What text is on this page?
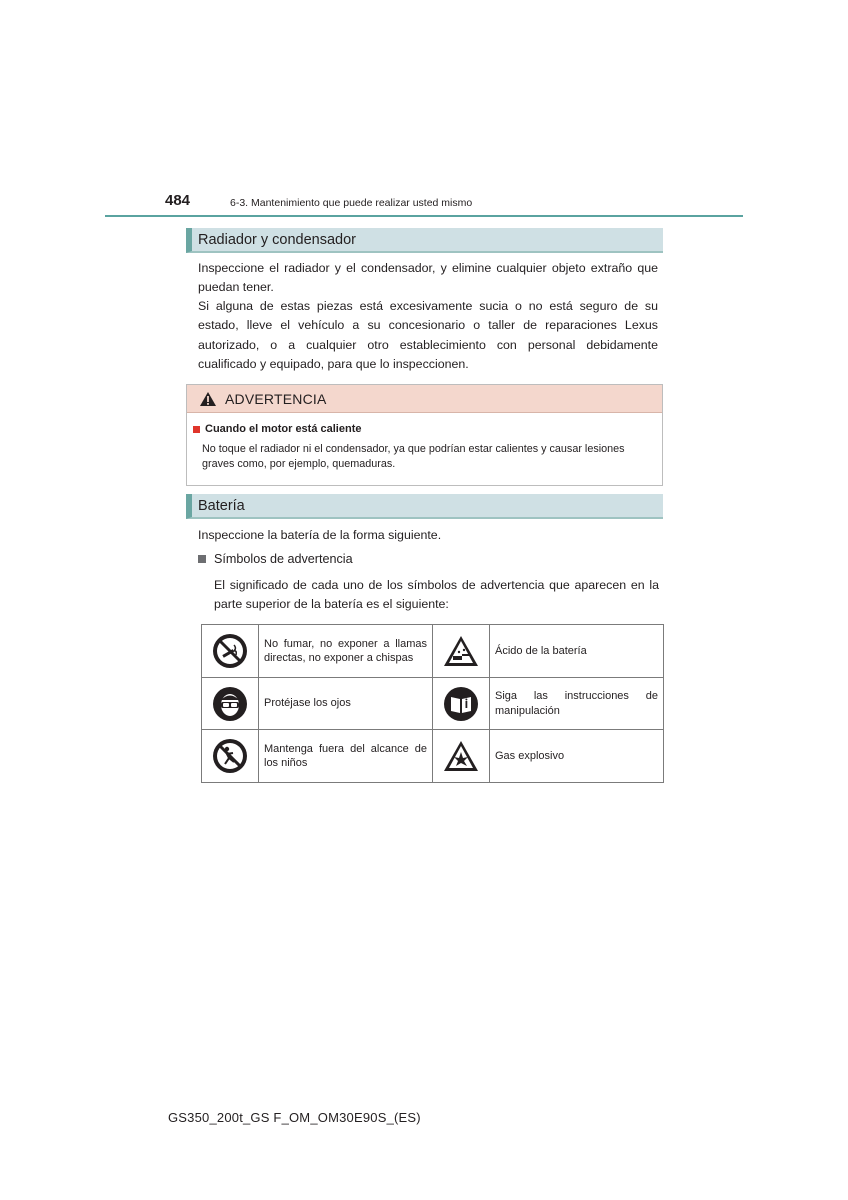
484	6-3. Mantenimiento que puede realizar usted mismo
Radiador y condensador

Inspeccione el radiador y el condensador, y elimine cualquier objeto extraño que puedan tener.

Si alguna de estas piezas está excesivamente sucia o no está seguro de su estado, lleve el vehículo a su concesionario o taller de reparaciones Lexus autorizado, o a cualquier otro establecimiento con personal debidamente cualificado y equipado, para que lo inspeccionen.

ADVERTENCIA
Cuando el motor está caliente

No toque el radiador ni el condensador, ya que podrían estar calientes y causar lesiones graves como, por ejemplo, quemaduras.

Batería

Inspeccione la batería de la forma siguiente.

Símbolos de advertencia

El significado de cada uno de los símbolos de advertencia que aparecen en la parte superior de la batería es el siguiente:

	No fumar, no exponer a llamas directas, no exponer a chispas		Ácido de la batería

	Protéjase los ojos		Siga las instrucciones de manipulación

	Mantenga fuera del alcance de los niños		Gas explosivo
GS350_200t_GS F_OM_OM30E90S_(ES)
